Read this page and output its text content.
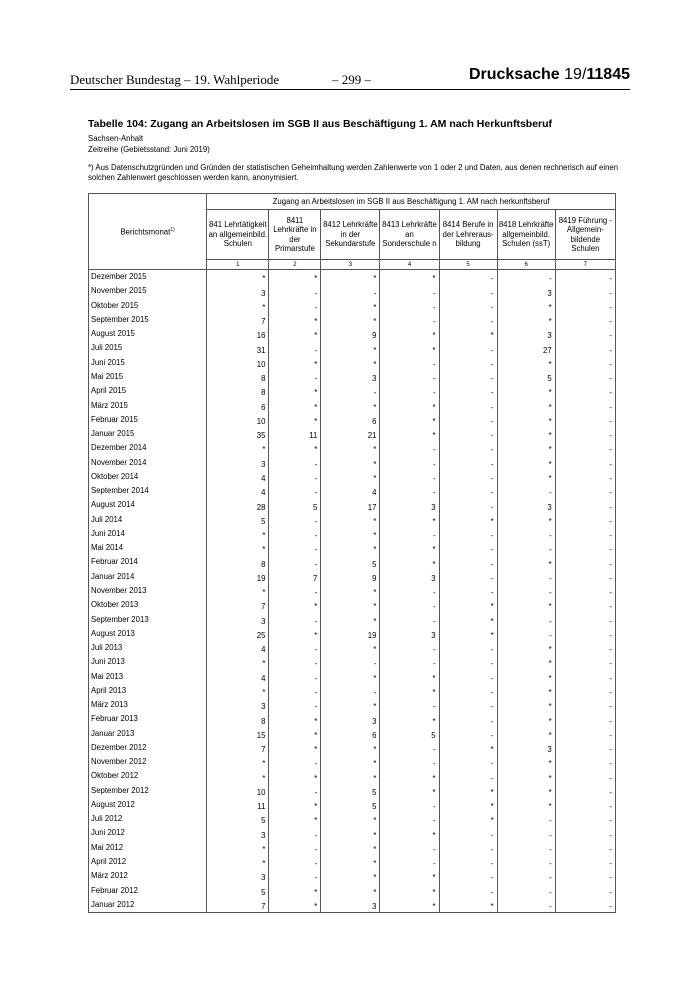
Deutscher Bundestag – 19. Wahlperiode	– 299 –	Drucksache 19/11845
Tabelle 104: Zugang an Arbeitslosen im SGB II aus Beschäftigung 1. AM nach Herkunftsberuf
Sachsen-Anhalt
Zeitreihe (Gebietsstand: Juni 2019)
*) Aus Datenschutzgründen und Gründen der statistischen Geheimhaltung werden Zahlenwerte von 1 oder 2 und Daten, aus denen rechnerisch auf einen solchen Zahlenwert geschlossen werden kann, anonymisiert.
Berichtsmonat$^{1)}$	Zugang an Arbeitslosen im SGB II aus Beschäftigung 1. AM nach herkunftsberuf						
	841 Lehrtätigkeit an allgemeinbild. Schulen	8411 Lehrkräfte in der Primarstufe	8412 Lehrkräfte in der Sekundarstufe	8413 Lehrkräfte an Sonderschule n	8414 Berufe in der Lehreraus-bildung	8418 Lehrkräfte allgemeinbild. Schulen (ssT)	8419 Führung - Allgemein-bildende Schulen
	1	2	3	4	5	6	7
Dezember 2015	*	*	*	*	-	-	-
November 2015	3	-	-	-	-	3	-
Oktober 2015	*	-	*	-	-	*	-
September 2015	7	*	*	-	-	*	-
August 2015	16	*	9	*	*	3	-
Juli 2015	31	-	*	*	-	27	-
Juni 2015	10	*	*	-	-	*	-
Mai 2015	8	-	3	-	-	5	-
April 2015	8	*	-	-	-	*	-
März 2015	6	*	*	*	-	*	-
Februar 2015	10	*	6	*	-	*	-
Januar 2015	35	11	21	*	-	*	-
Dezember 2014	*	*	*	-	-	*	-
November 2014	3	-	*	-	-	*	-
Oktober 2014	4	-	*	-	-	*	-
September 2014	4	-	4	-	-	-	-
August 2014	28	5	17	3	-	3	-
Juli 2014	5	-	*	*	*	*	-
Juni 2014	*	-	*	-	-	-	-
Mai 2014	*	-	*	*	-	-	-
Februar 2014	8	-	5	*	-	*	-
Januar 2014	19	7	9	3	-	-	-
November 2013	*	-	*	-	-	-	-
Oktober 2013	7	*	*	-	*	*	-
September 2013	3	-	*	-	*	-	-
August 2013	25	*	19	3	*	-	-
Juli 2013	4	-	*	-	-	*	-
Juni 2013	*	-	-	-	-	*	-
Mai 2013	4	-	*	*	-	*	-
April 2013	*	-	-	*	-	*	-
März 2013	3	-	*	-	-	*	-
Februar 2013	8	*	3	*	-	*	-
Januar 2013	15	*	6	5	-	*	-
Dezember 2012	7	*	*	-	*	3	-
November 2012	*	-	*	-	-	*	-
Oktober 2012	*	*	*	*	-	*	-
September 2012	10	-	5	*	*	*	-
August 2012	11	*	5	-	*	*	-
Juli 2012	5	*	*	-	*	-	-
Juni 2012	3	-	*	*	-	-	-
Mai 2012	*	-	*	-	-	-	-
April 2012	*	-	*	-	-	-	-
März 2012	3	-	*	*	-	-	-
Februar 2012	5	*	*	*	-	-	-
Januar 2012	7	*	3	*	*	-	-
